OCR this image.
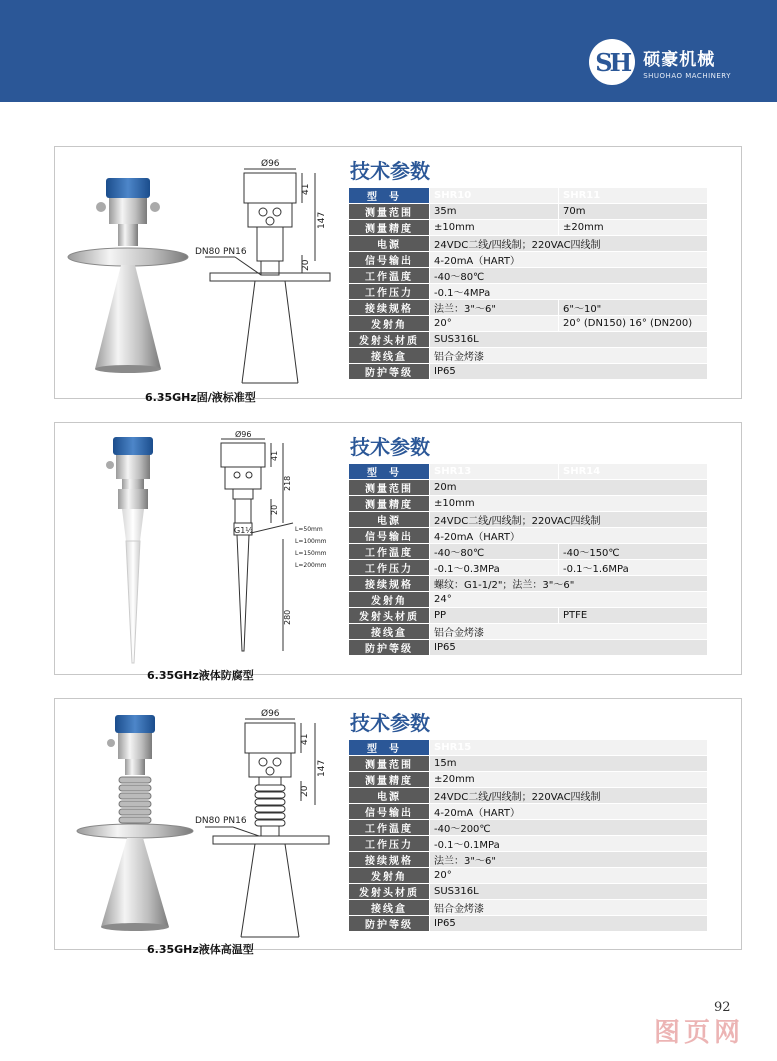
SH 硕豪机械
SHUOHAO MACHINERY
6.35GHz固/液标准型
Ø96
41
147
20
DN80 PN16
技术参数
型号	SHR10	SHR11
测量范围	35m	70m
测量精度	±10mm	±20mm
电源	24VDC二线/四线制；220VAC四线制	
信号输出	4-20mA（HART）	
工作温度	-40～80℃	
工作压力	-0.1～4MPa	
接续规格	法兰：3"～6"	6"～10"
发射角	20°	20° (DN150) 16° (DN200)
发射头材质	SUS316L	
接线盒	铝合金烤漆	
防护等级	IP65	
6.35GHz液体防腐型
Ø96
41
218
20
G1½	L=50mm
L=100mm
L=150mm
L=200mm
280
技术参数
型号	SHR13	SHR14
测量范围	20m	
测量精度	±10mm	
电源	24VDC二线/四线制；220VAC四线制	
信号输出	4-20mA（HART）	
工作温度	-40～80℃	-40～150℃
工作压力	-0.1～0.3MPa	-0.1～1.6MPa
接续规格	螺纹：G1-1/2"；法兰：3"～6"	
发射角	24°	
发射头材质	PP	PTFE
接线盒	铝合金烤漆	
防护等级	IP65	
6.35GHz液体高温型
Ø96
41
147
20
DN80 PN16
技术参数
型号	SHR15
测量范围	15m
测量精度	±20mm
电源	24VDC二线/四线制；220VAC四线制
信号输出	4-20mA（HART）
工作温度	-40～200℃
工作压力	-0.1～0.1MPa
接续规格	法兰：3"～6"
发射角	20°
发射头材质	SUS316L
接线盒	铝合金烤漆
防护等级	IP65
92
图页网
